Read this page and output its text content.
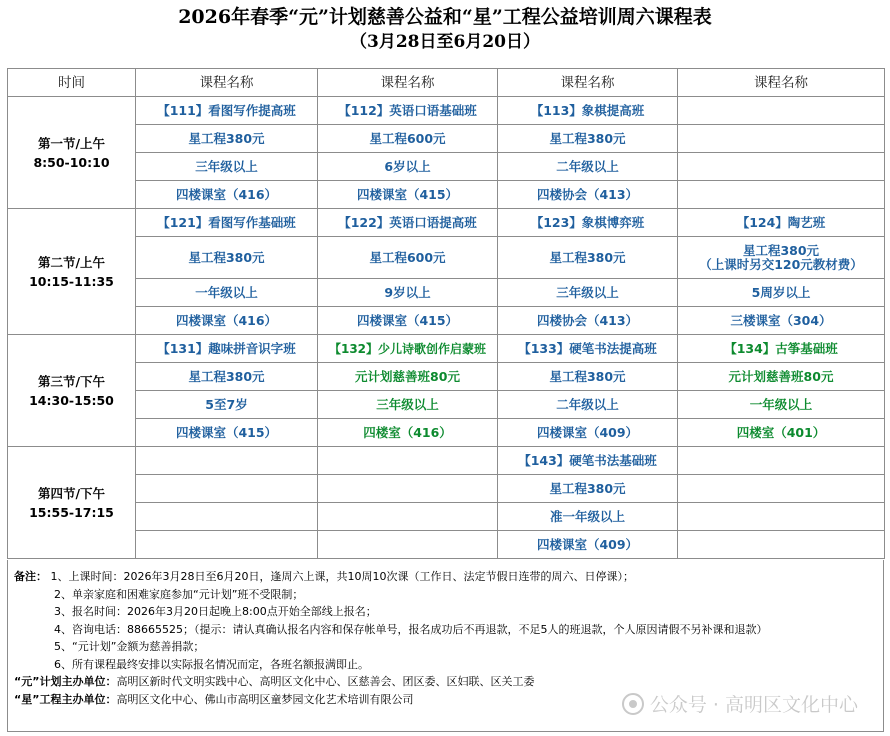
2026年春季“元”计划慈善公益和“星”工程公益培训周六课程表
（3月28日至6月20日）
时间	课程名称	课程名称	课程名称	课程名称

第一节/上午
8:50-10:10	【111】看图写作提高班	【112】英语口语基础班	【113】象棋提高班	
	星工程380元	星工程600元	星工程380元	
	三年级以上	6岁以上	二年级以上	
	四楼课室（416）	四楼课室（415）	四楼协会（413）	

第二节/上午
10:15-11:35	【121】看图写作基础班	【122】英语口语提高班	【123】象棋博弈班	【124】陶艺班
	星工程380元	星工程600元	星工程380元	星工程380元
（上课时另交120元教材费）

	一年级以上	9岁以上	三年级以上	5周岁以上
	四楼课室（416）	四楼课室（415）	四楼协会（413）	三楼课室（304）

第三节/下午
14:30-15:50	【131】趣味拼音识字班	【132】少儿诗歌创作启蒙班	【133】硬笔书法提高班	【134】古筝基础班
	星工程380元	元计划慈善班80元	星工程380元	元计划慈善班80元
	5至7岁	三年级以上	二年级以上	一年级以上
	四楼课室（415）	四楼室（416）	四楼课室（409）	四楼室（401）

第四节/下午
15:55-17:15			【143】硬笔书法基础班	
			星工程380元	
			准一年级以上	
			四楼课室（409）	
备注： 1、上课时间：2026年3月28日至6月20日，逢周六上课，共10周10次课（工作日、法定节假日连带的周六、日停课）；
2、单亲家庭和困难家庭参加“元计划”班不受限制；
3、报名时间：2026年3月20日起晚上8:00点开始全部线上报名；
4、咨询电话：88665525；（提示：请认真确认报名内容和保存帐单号，报名成功后不再退款，不足5人的班退款，个人原因请假不另补课和退款）
5、“元计划”金额为慈善捐款；
6、所有课程最终安排以实际报名情况而定，各班名额报满即止。
“元”计划主办单位：高明区新时代文明实践中心、高明区文化中心、区慈善会、团区委、区妇联、区关工委
“星”工程主办单位：高明区文化中心、佛山市高明区童梦园文化艺术培训有限公司	公众号 · 高明区文化中心
